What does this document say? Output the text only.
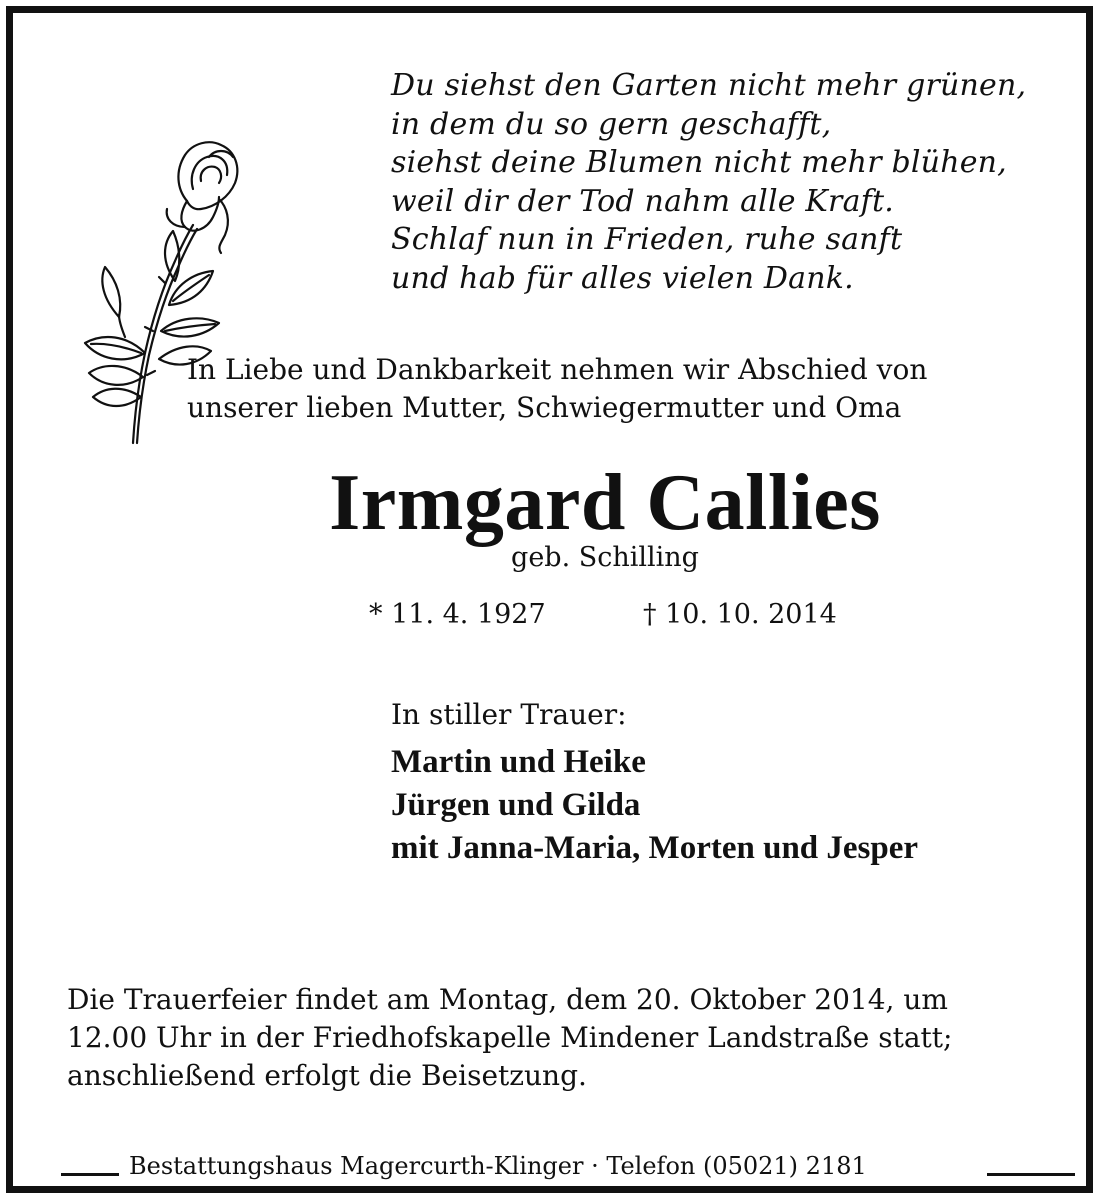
Du siehst den Garten nicht mehr grünen,
in dem du so gern geschafft,
siehst deine Blumen nicht mehr blühen,
weil dir der Tod nahm alle Kraft.
Schlaf nun in Frieden, ruhe sanft
und hab für alles vielen Dank.
In Liebe und Dankbarkeit nehmen wir Abschied von
unserer lieben Mutter, Schwiegermutter und Oma
Irmgard Callies
geb. Schilling
* 11. 4. 1927	† 10. 10. 2014
In stiller Trauer:
Martin und Heike
Jürgen und Gilda
mit Janna-Maria, Morten und Jesper
Die Trauerfeier findet am Montag, dem 20. Oktober 2014, um
12.00 Uhr in der Friedhofskapelle Mindener Landstraße statt;
anschließend erfolgt die Beisetzung.
Bestattungshaus Magercurth-Klinger · Telefon (05021) 2181
